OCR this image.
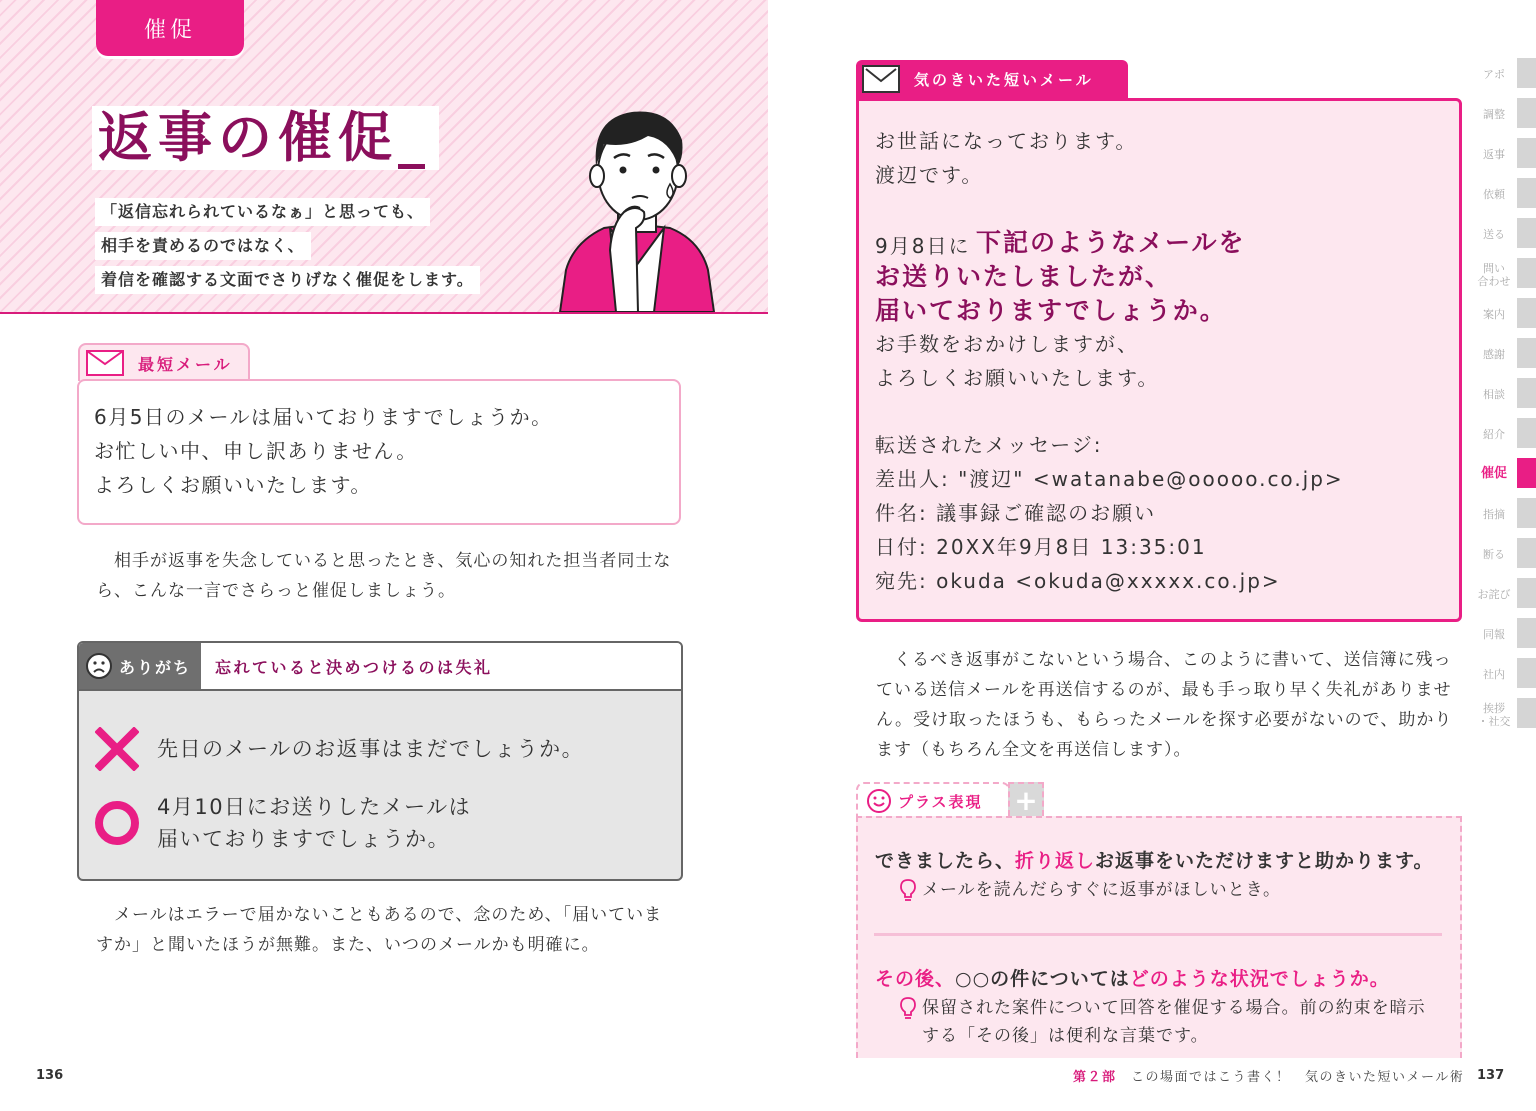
催促
返事の催促_
「返信忘れられているなぁ」と思っても、
相手を責めるのではなく、
着信を確認する文面でさりげなく催促をします。
最短メール
6月5日のメールは届いておりますでしょうか。
お忙しい中、申し訳ありません。
よろしくお願いいたします。
　相手が返事を失念していると思ったとき、気心の知れた担当者同士な
ら、こんな一言でさらっと催促しましょう。
ありがち 忘れていると決めつけるのは失礼
先日のメールのお返事はまだでしょうか。
4月10日にお送りしたメールは
届いておりますでしょうか。
　メールはエラーで届かないこともあるので、念のため、「届いていま
すか」と聞いたほうが無難。また、いつのメールかも明確に。
136
気のきいた短いメール
お世話になっております。
渡辺です。
9月8日に 下記のようなメールを
お送りいたしましたが、
届いておりますでしょうか。
お手数をおかけしますが、
よろしくお願いいたします。
転送されたメッセージ:
差出人: "渡辺" <watanabe@ooooo.co.jp>
件名: 議事録ご確認のお願い
日付: 20XX年9月8日 13:35:01
宛先: okuda <okuda@xxxxx.co.jp>
　くるべき返事がこないという場合、このように書いて、送信簿に残っ
ている送信メールを再送信するのが、最も手っ取り早く失礼がありませ
ん。受け取ったほうも、もらったメールを探す必要がないので、助かり
ます（もちろん全文を再送信します）。
プラス表現 +
できましたら、折り返しお返事をいただけますと助かります。
メールを読んだらすぐに返事がほしいとき。
その後、○○の件についてはどのような状況でしょうか。
保留された案件について回答を催促する場合。前の約束を暗示
する「その後」は便利な言葉です。
第２部　 この場面ではこう書く！　気のきいた短いメール術 137
アポ
調整
返事
依頼
送る
問い
合わせ
案内
感謝
相談
紹介
催促
指摘
断る
お詫び
同報
社内
挨拶
・社交
